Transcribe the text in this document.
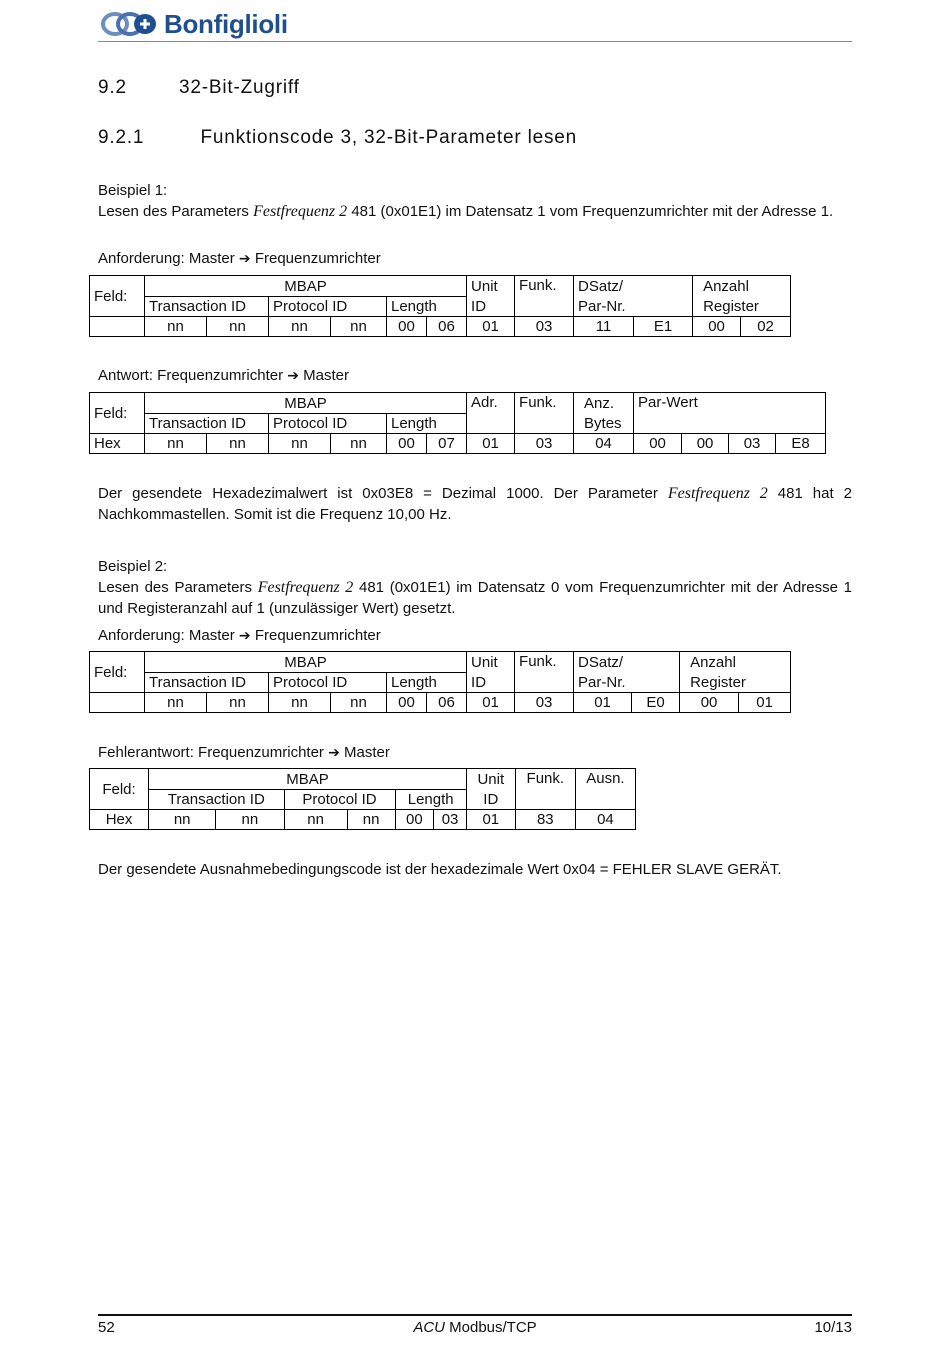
Bonfiglioli
9.2	32-Bit-Zugriff
9.2.1	Funktionscode 3, 32-Bit-Parameter lesen
Beispiel 1:
Lesen des Parameters Festfrequenz 2 481 (0x01E1) im Datensatz 1 vom Frequenzumrichter mit der Adresse 1.
Anforderung: Master ➔ Frequenzumrichter
Feld:	MBAP						Unit	Funk.	DSatz/		Anzahl	
	Transaction ID		Protocol ID		Length		ID		Par-Nr.		Register	
	nn	nn	nn	nn	00	06	01	03	11	E1	00	02
Antwort: Frequenzumrichter ➔ Master
Feld:	MBAP						Adr.	Funk.	Anz.	Par-Wert			
	Transaction ID		Protocol ID		Length				Bytes				
Hex	nn	nn	nn	nn	00	07	01	03	04	00	00	03	E8
Der gesendete Hexadezimalwert ist 0x03E8 = Dezimal 1000. Der Parameter Festfrequenz 2 481 hat 2 Nachkommastellen. Somit ist die Frequenz 10,00 Hz.
Beispiel 2:
Lesen des Parameters Festfrequenz 2 481 (0x01E1) im Datensatz 0 vom Frequenzumrichter mit der Adresse 1 und Registeranzahl auf 1 (unzulässiger Wert) gesetzt.
Anforderung: Master ➔ Frequenzumrichter
Feld:	MBAP						Unit	Funk.	DSatz/		Anzahl	
	Transaction ID		Protocol ID		Length		ID		Par-Nr.		Register	
	nn	nn	nn	nn	00	06	01	03	01	E0	00	01
Fehlerantwort: Frequenzumrichter ➔ Master
Feld:	MBAP						Unit	Funk.	Ausn.
	Transaction ID		Protocol ID		Length		ID		
Hex	nn	nn	nn	nn	00	03	01	83	04
Der gesendete Ausnahmebedingungscode ist der hexadezimale Wert 0x04 = FEHLER SLAVE GERÄT.
52	ACU Modbus/TCP	10/13
